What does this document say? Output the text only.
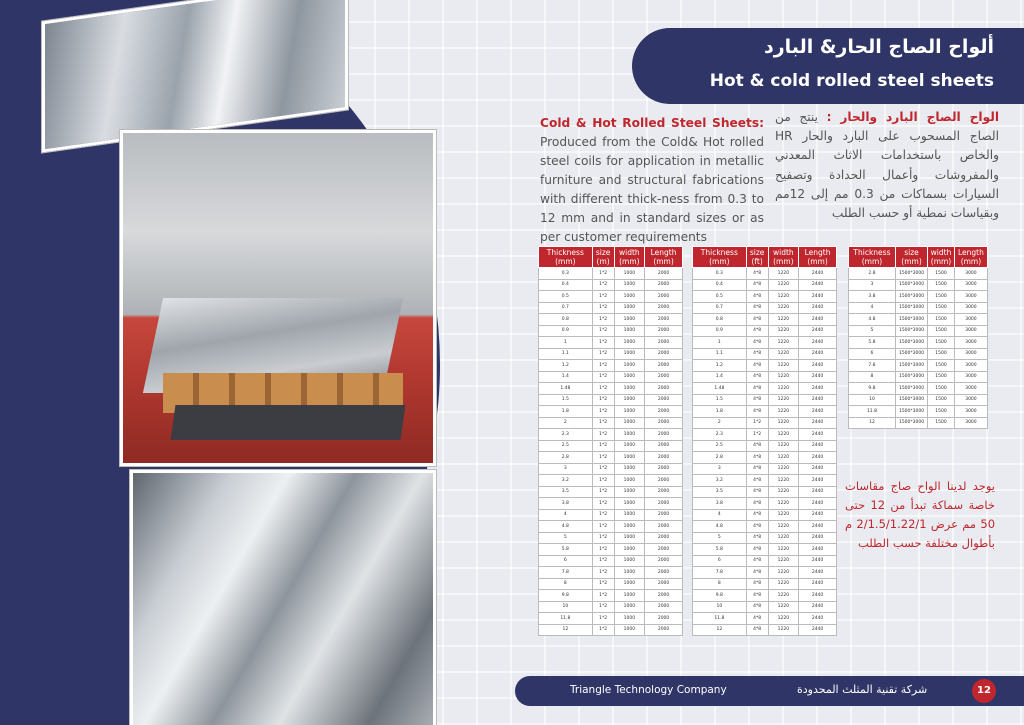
ألواح الصاج الحار& البارد
Hot & cold rolled steel sheets
Cold & Hot Rolled Steel Sheets: Produced from the Cold& Hot rolled steel coils for application in metallic furniture and structural fabrications with different thick-ness from 0.3 to 12 mm and in standard sizes or as per customer requirements
الواح الصاج البارد والحار : ينتج من الصاج المسحوب على البارد والحار HR والخاص باستخدامات الاثاث المعدني والمفروشات وأعمال الحدادة وتصفيح السيارات بسماكات من 0.3 مم إلى 12مم وبقياسات نمطية أو حسب الطلب
Thickness
(mm)	size
(m)	width
(mm)	Length
(mm)
0.3	1*2	1000	2000
0.4	1*2	1000	2000
0.5	1*2	1000	2000
0.7	1*2	1000	2000
0.8	1*2	1000	2000
0.9	1*2	1000	2000
1	1*2	1000	2000
1.1	1*2	1000	2000
1.2	1*2	1000	2000
1.4	1*2	1000	2000
1.48	1*2	1000	2000
1.5	1*2	1000	2000
1.8	1*2	1000	2000
2	1*2	1000	2000
2.3	1*2	1000	2000
2.5	1*2	1000	2000
2.8	1*2	1000	2000
3	1*2	1000	2000
3.2	1*2	1000	2000
3.5	1*2	1000	2000
3.8	1*2	1000	2000
4	1*2	1000	2000
4.8	1*2	1000	2000
5	1*2	1000	2000
5.8	1*2	1000	2000
6	1*2	1000	2000
7.8	1*2	1000	2000
8	1*2	1000	2000
9.8	1*2	1000	2000
10	1*2	1000	2000
11.8	1*2	1000	2000
12	1*2	1000	2000
Thickness
(mm)	size
(ft)	width
(mm)	Length
(mm)
0.3	4*8	1220	2440
0.4	4*8	1220	2440
0.5	4*8	1220	2440
0.7	4*8	1220	2440
0.8	4*8	1220	2440
0.9	4*8	1220	2440
1	4*8	1220	2440
1.1	4*8	1220	2440
1.2	4*8	1220	2440
1.4	4*8	1220	2440
1.48	4*8	1220	2440
1.5	4*8	1220	2440
1.8	4*8	1220	2440
2	1*2	1220	2440
2.3	1*2	1220	2440
2.5	4*8	1220	2440
2.8	4*8	1220	2440
3	4*8	1220	2440
3.2	4*8	1220	2440
3.5	4*8	1220	2440
3.8	4*8	1220	2440
4	4*8	1220	2440
4.8	4*8	1220	2440
5	4*8	1220	2440
5.8	4*8	1220	2440
6	4*8	1220	2440
7.8	4*8	1220	2440
8	4*8	1220	2440
9.8	4*8	1220	2440
10	4*8	1220	2440
11.8	4*8	1220	2440
12	4*8	1220	2440
Thickness
(mm)	size
(mm)	width
(mm)	Length
(mm)
2.8	1500*3000	1500	3000
3	1500*3000	1500	3000
3.8	1500*3000	1500	3000
4	1500*3000	1500	3000
4.8	1500*3000	1500	3000
5	1500*3000	1500	3000
5.8	1500*3000	1500	3000
6	1500*3000	1500	3000
7.8	1500*3000	1500	3000
8	1500*3000	1500	3000
9.8	1500*3000	1500	3000
10	1500*3000	1500	3000
11.8	1500*3000	1500	3000
12	1500*3000	1500	3000
يوجد لدينا الواح صاج مقاسات خاصة سماكة تبدأ من 12 حتى 50 مم عرض 2/1.5/1.22/1 م بأطوال مختلفة حسب الطلب
Triangle Technology Company	شركة تقنية المثلث المحدودة	12
